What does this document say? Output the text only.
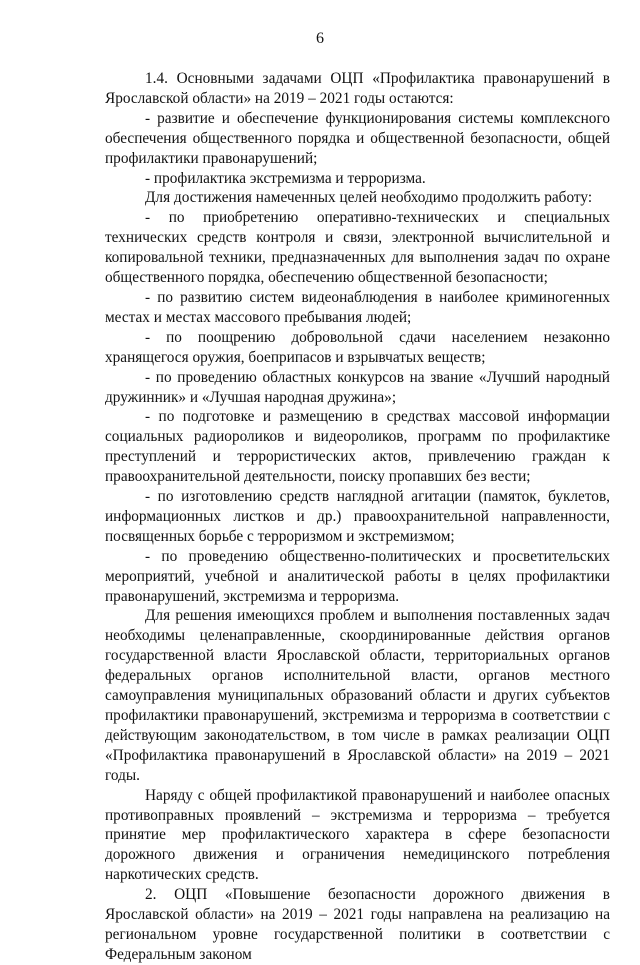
6

1.4. Основными задачами ОЦП «Профилактика правонарушений в Ярославской области» на 2019 – 2021 годы остаются:

- развитие и обеспечение функционирования системы комплексного обеспечения общественного порядка и общественной безопасности, общей профилактики правонарушений;

- профилактика экстремизма и терроризма.

Для достижения намеченных целей необходимо продолжить работу:

- по приобретению оперативно-технических и специальных технических средств контроля и связи, электронной вычислительной и копировальной техники, предназначенных для выполнения задач по охране общественного порядка, обеспечению общественной безопасности;

- по развитию систем видеонаблюдения в наиболее криминогенных местах и местах массового пребывания людей;

- по поощрению добровольной сдачи населением незаконно хранящегося оружия, боеприпасов и взрывчатых веществ;

- по проведению областных конкурсов на звание «Лучший народный дружинник» и «Лучшая народная дружина»;

- по подготовке и размещению в средствах массовой информации социальных радиороликов и видеороликов, программ по профилактике преступлений и террористических актов, привлечению граждан к правоохранительной деятельности, поиску пропавших без вести;

- по изготовлению средств наглядной агитации (памяток, буклетов, информационных листков и др.) правоохранительной направленности, посвященных борьбе с терроризмом и экстремизмом;

- по проведению общественно-политических и просветительских мероприятий, учебной и аналитической работы в целях профилактики правонарушений, экстремизма и терроризма.

Для решения имеющихся проблем и выполнения поставленных задач необходимы целенаправленные, скоординированные действия органов государственной власти Ярославской области, территориальных органов федеральных органов исполнительной власти, органов местного самоуправления муниципальных образований области и других субъектов профилактики правонарушений, экстремизма и терроризма в соответствии с действующим законодательством, в том числе в рамках реализации ОЦП «Профилактика правонарушений в Ярославской области» на 2019 – 2021 годы.

Наряду с общей профилактикой правонарушений и наиболее опасных противоправных проявлений – экстремизма и терроризма – требуется принятие мер профилактического характера в сфере безопасности дорожного движения и ограничения немедицинского потребления наркотических средств.

2. ОЦП «Повышение безопасности дорожного движения в Ярославской области» на 2019 – 2021 годы направлена на реализацию на региональном уровне государственной политики в соответствии с Федеральным законом
